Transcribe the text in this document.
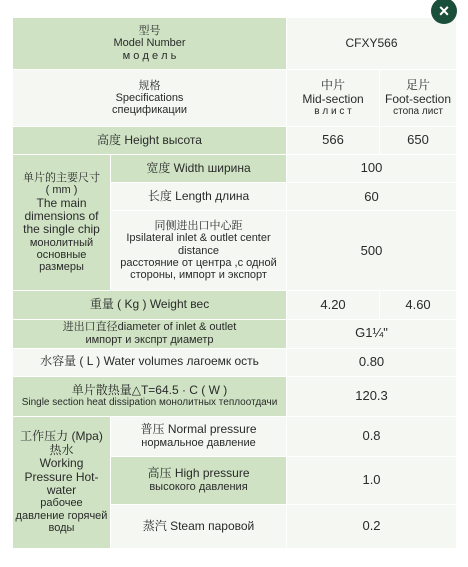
×
型号
Model Number
м о д е л ь		CFXY566	

规格
Specifications
спецификации		中片
Mid-section
в л и с т	足片
Foot-section
стопа лист

高度 Height высота		566	650

单片的主要尺寸
( mm )
The main dimensions of the single chip
монолитный основные размеры	宽度 Width ширина	100	
	长度 Length длина	60	

	同侧进出口中心距
Ipsilateral inlet & outlet center distance
расстояние от центра ,с одной стороны, импорт и экспорт	500	
重量 ( Kg ) Weight вес		4.20	4.60

进出口直径diameter of inlet & outlet
импорт и экспрт диаметр		G1¼"	
水容量 ( L ) Water volumes лагоемк ость		0.80	

单片散热量△T=64.5 · C ( W )
Single section heat dissipation монолитных теплоотдачи		120.3	

工作压力 (Mpa)热水
Working Pressure Hot-water
рабочее давление горячей воды	普压 Normal pressure
нормальное давление	0.8	

	高压 High pressure
высокого давления	1.0	
	蒸汽 Steam паровой	0.2	
